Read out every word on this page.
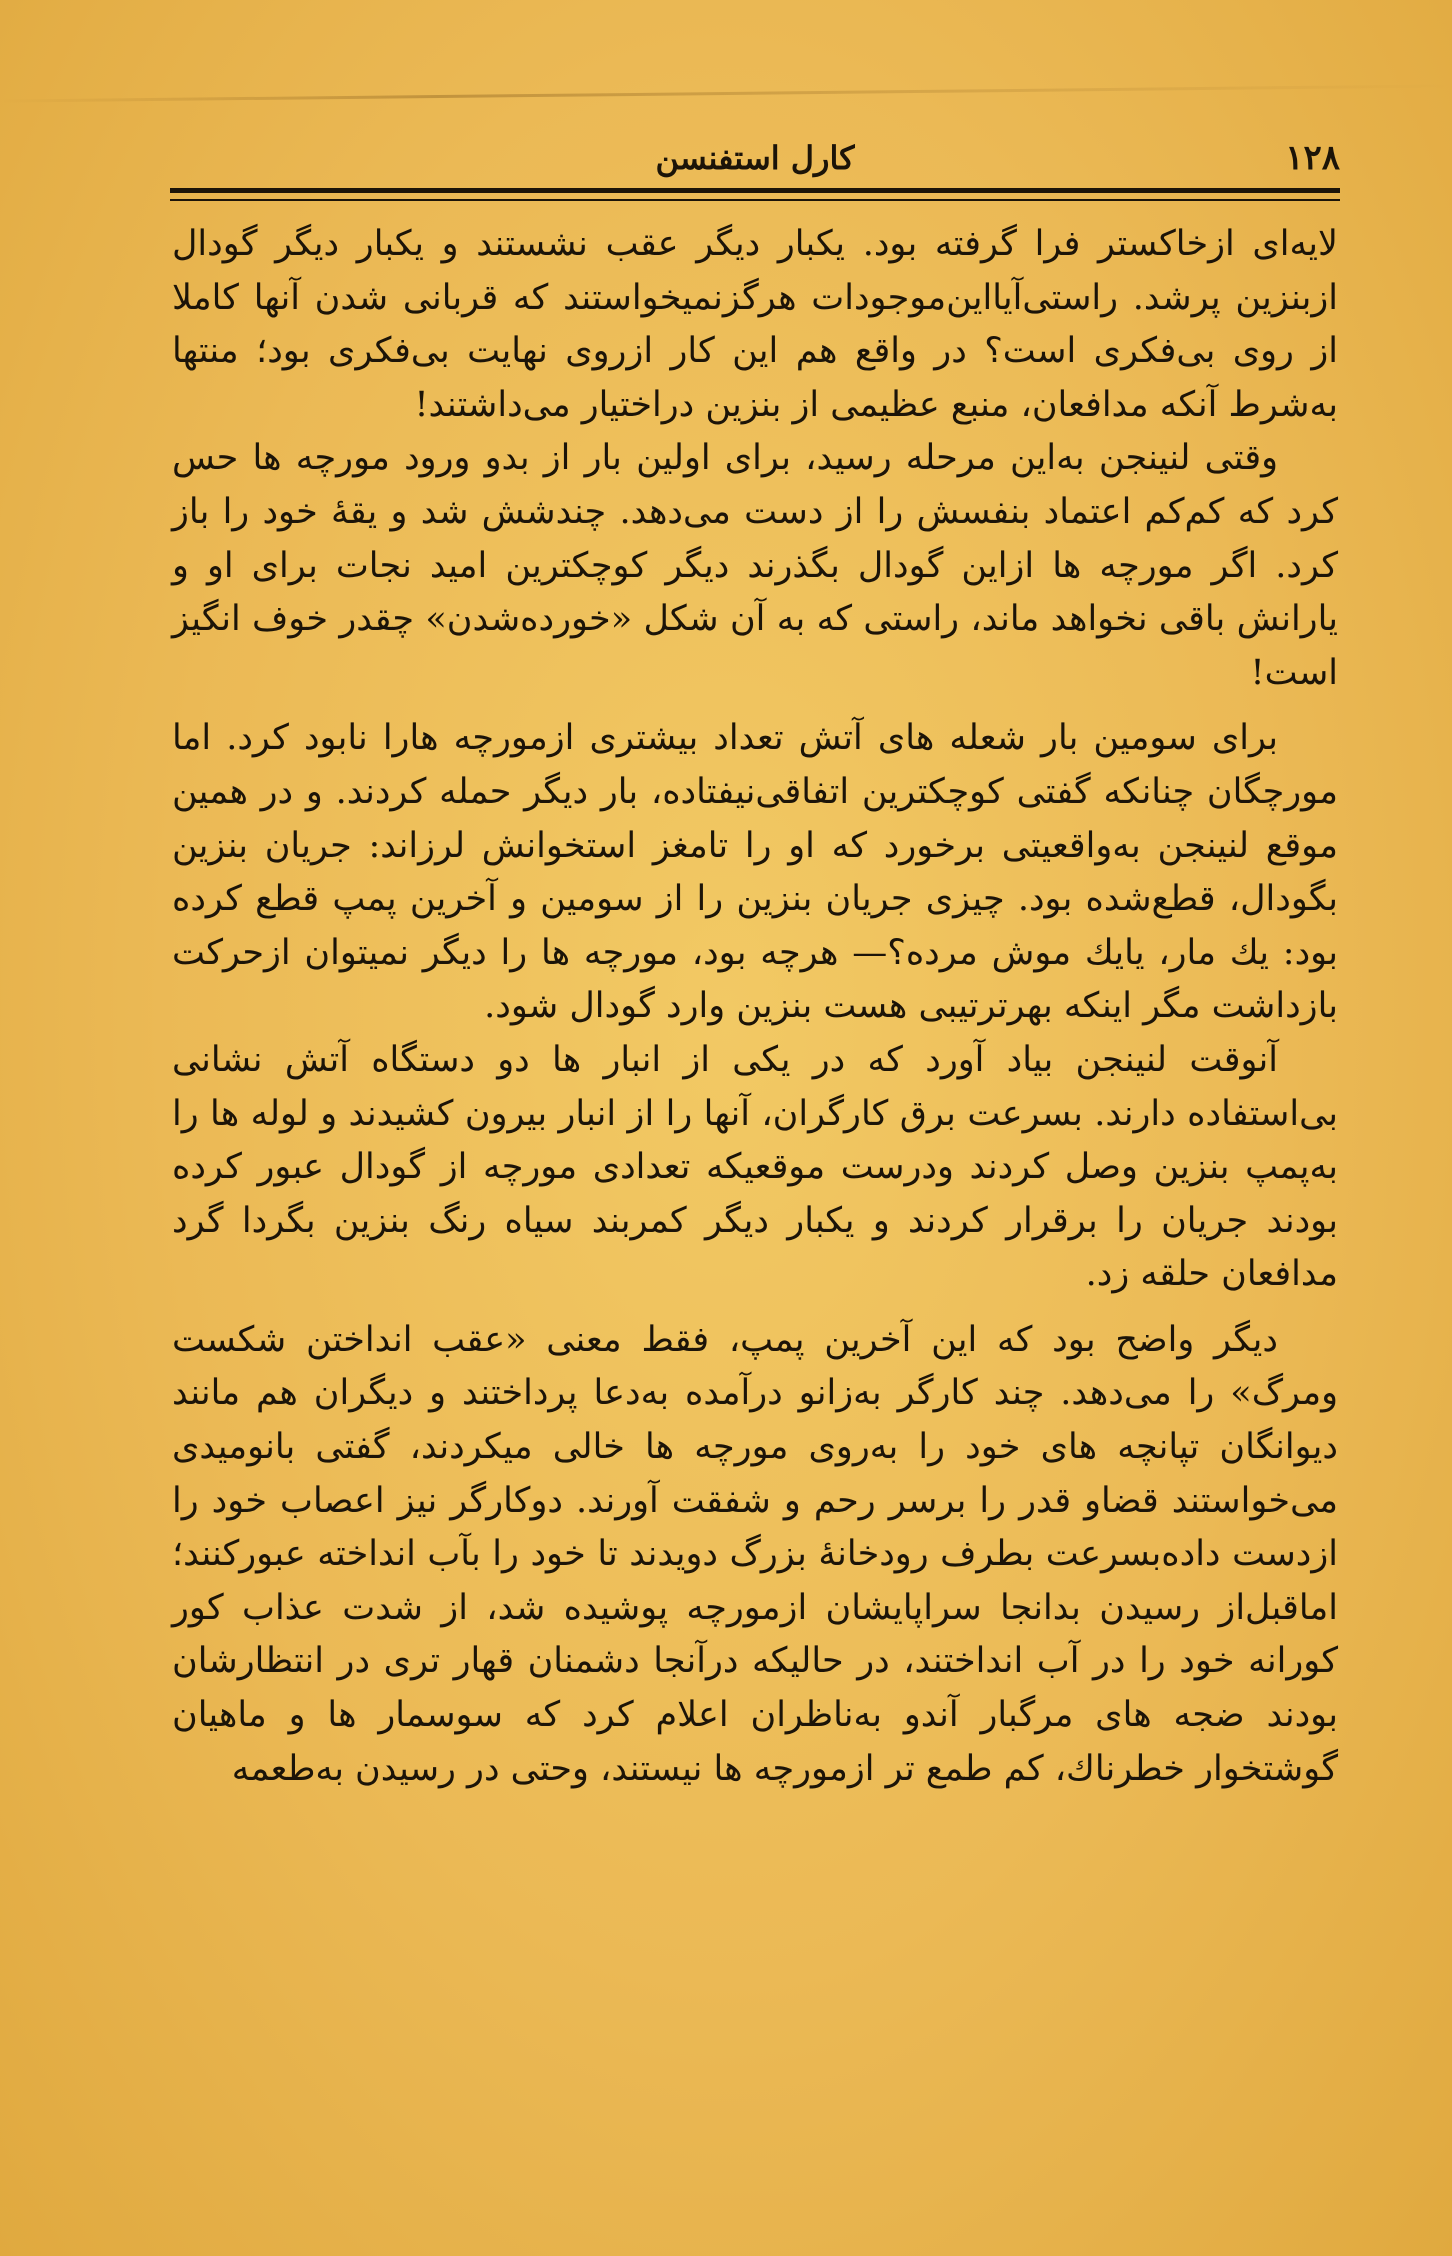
١٢٨
کارل استفنسن

لایه‌ای ازخاکستر فرا گرفته بود. یکبار دیگر عقب نشستند و یکبار دیگر گودال ازبنزین پرشد. راستی‌آیااین‌موجودات هرگزنمیخواستند که قربانی شدن آنها کاملا از روی بی‌فکری است؟ در واقع هم این کار ازروی نهایت بی‌فکری بود؛ منتها به‌شرط آنکه مدافعان، منبع عظیمی از بنزین دراختیار می‌داشتند!

وقتی لنینجن به‌این مرحله رسید، برای اولین بار از بدو ورود مورچه ها حس کرد که کم‌کم اعتماد بنفسش را از دست می‌دهد. چندشش شد و یقهٔ خود را باز کرد. اگر مورچه ها ازاین گودال بگذرند دیگر کوچکترین امید نجات برای او و یارانش باقی نخواهد ماند، راستی که به آن شکل «خورده‌شدن» چقدر خوف انگیز است!

برای سومین بار شعله های آتش تعداد بیشتری ازمورچه هارا نابود کرد. اما مورچگان چنانکه گفتی کوچکترین اتفاقی‌نیفتاده، بار دیگر حمله کردند. و در همین موقع لنینجن به‌واقعیتی برخورد که او را تامغز استخوانش لرزاند: جریان بنزین بگودال، قطع‌شده بود. چیزی جریان بنزین را از سومین و آخرین پمپ قطع کرده بود: يك مار، يايك موش مرده؟— هرچه بود، مورچه ها را دیگر نمیتوان ازحرکت بازداشت مگر اینکه بهرترتیبی هست بنزین وارد گودال شود.

آنوقت لنینجن بیاد آورد که در یکی از انبار ها دو دستگاه آتش نشانی بی‌استفاده دارند. بسرعت برق کارگران، آنها را از انبار بیرون کشیدند و لوله ها را به‌پمپ بنزین وصل کردند ودرست موقعیکه تعدادی مورچه از گودال عبور کرده بودند جریان را برقرار کردند و یکبار دیگر کمربند سیاه رنگ بنزین بگردا گرد مدافعان حلقه زد.

دیگر واضح بود که این آخرین پمپ، فقط معنی «عقب انداختن شکست ومرگ» را می‌دهد. چند کارگر به‌زانو درآمده به‌دعا پرداختند و دیگران هم مانند دیوانگان تپانچه های خود را به‌روی مورچه ها خالی میکردند، گفتی بانومیدی می‌خواستند قضاو قدر را برسر رحم و شفقت آورند. دوکارگر نیز اعصاب خود را ازدست داده‌بسرعت بطرف رودخانهٔ بزرگ دویدند تا خود را بآب انداخته عبورکنند؛ اماقبل‌از رسیدن بدانجا سراپایشان ازمورچه پوشیده شد، از شدت عذاب کور کورانه خود را در آب انداختند، در حالیکه درآنجا دشمنان قهار تری در انتظارشان بودند ضجه های مرگبار آندو به‌ناظران اعلام کرد که سوسمار ها و ماهیان گوشتخوار خطرناك، کم طمع تر ازمورچه ها نیستند، وحتی در رسیدن به‌طعمه
